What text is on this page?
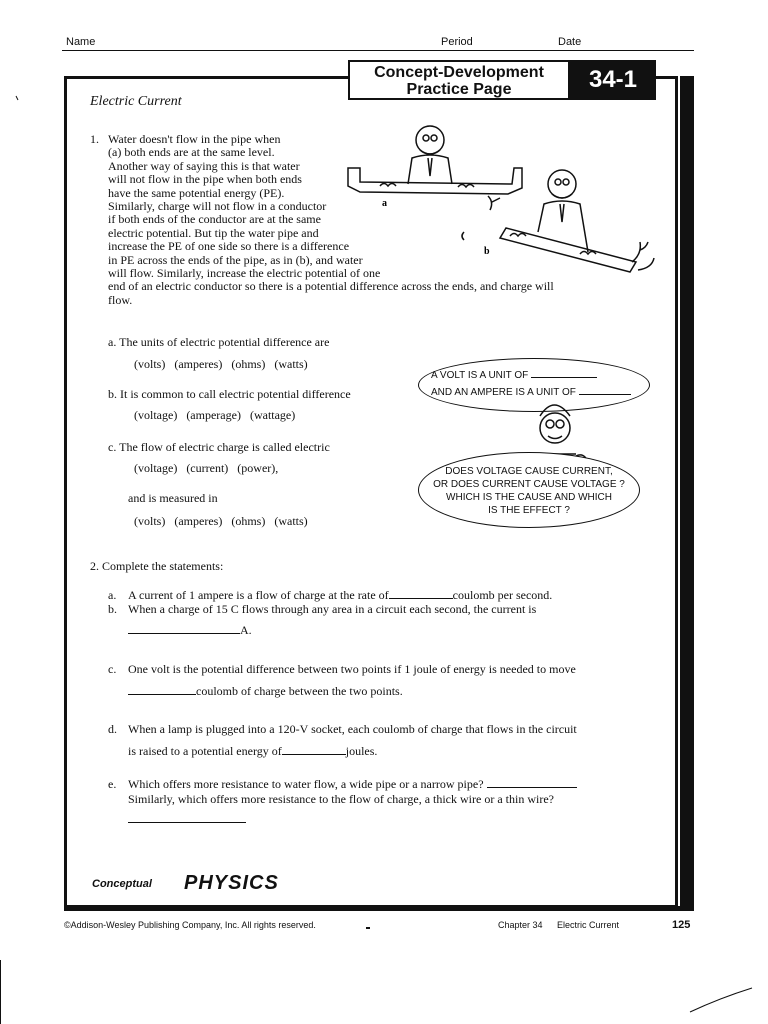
Name	Period	Date
Concept-Development
Practice Page	34-1
Electric Current
1. Water doesn't flow in the pipe when
(a) both ends are at the same level.
Another way of saying this is that water
will not flow in the pipe when both ends
have the same potential energy (PE).
Similarly, charge will not flow in a conductor
if both ends of the conductor are at the same
electric potential. But tip the water pipe and
increase the PE of one side so there is a difference
in PE across the ends of the pipe, as in (b), and water
will flow. Similarly, increase the electric potential of one
end of an electric conductor so there is a potential difference across the ends, and charge will
flow.
a
b
a. The units of electric potential difference are
(volts) (amperes) (ohms) (watts)
b. It is common to call electric potential difference
(voltage) (amperage) (wattage)
c. The flow of electric charge is called electric
(voltage) (current) (power),
and is measured in
(volts) (amperes) (ohms) (watts)
A VOLT IS A UNIT OF
AND AN AMPERE IS A UNIT OF
DOES VOLTAGE CAUSE CURRENT,
OR DOES CURRENT CAUSE VOLTAGE ?
WHICH IS THE CAUSE AND WHICH
IS THE EFFECT ?
2. Complete the statements:
a. A current of 1 ampere is a flow of charge at the rate of	coulomb per second.
b. When a charge of 15 C flows through any area in a circuit each second, the current is
A.
c. One volt is the potential difference between two points if 1 joule of energy is needed to move
coulomb of charge between the two points.
d. When a lamp is plugged into a 120-V socket, each coulomb of charge that flows in the circuit
is raised to a potential energy of	joules.
e. Which offers more resistance to water flow, a wide pipe or a narrow pipe?
Similarly, which offers more resistance to the flow of charge, a thick wire or a thin wire?
Conceptual PHYSICS
©Addison-Wesley Publishing Company, Inc. All rights reserved.	Chapter 34 Electric Current	125
